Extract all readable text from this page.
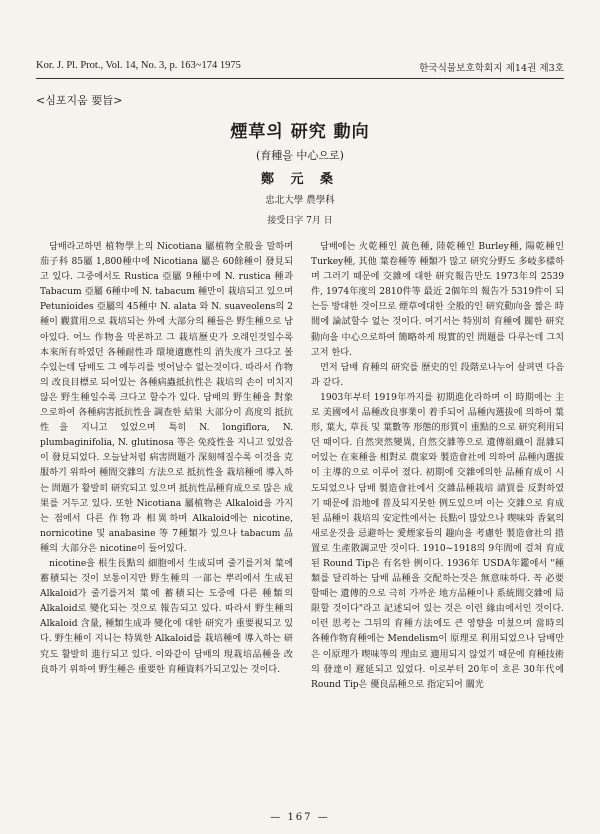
Kor. J. Pl. Prot., Vol. 14, No. 3, p. 163~174 1975	한국식물보호학회지 제14권 제3호
<심포지움 要旨>
煙草의 研究 動向
(育種을 中心으로)
鄭 元 桑
忠北大學 農學科
接受日字 7月 日

담배라고하면 植物學上의 Nicotiana 屬植物全般을 말하며 茄子科 85屬 1,800種中에 Nicotiana 屬은 60餘種이 發見되고 있다. 그중에서도 Rustica 亞屬 9種中에 N. rustica 種과 Tabacum 亞屬 6種中에 N. tabacum 種만이 栽培되고 있으며 Petunioides 亞屬의 45種中 N. alata 와 N. suaveolens의 2種이 觀賞用으로 栽培되는 外에 大部分의 種들은 野生種으로 남아있다. 어느 作物을 막론하고 그 栽培歷史가 오래인것일수록 本來所有하였던 各種耐性과 環境適應性의 消失度가 크다고 볼수있는데 담배도 그 예두리를 벗어날수 없는것이다. 따라서 作物의 改良目標로 되어있는 各種病蟲抵抗性은 栽培의 손이 미치지않은 野生種일수록 크다고 할수가 있다. 담배의 野生種을 對象으로하여 各種病害抵抗性을 調查한 結果 大部分이 高度의 抵抗性을 지니고 있었으며 특히 N. longiflora, N. plumbaginifolia, N. glutinosa 等은 免疫性을 지니고 있었음이 發見되었다. 오늘날처럼 病害問題가 深刻해질수록 이것을 克服하기 위하여 種間交雜의 方法으로 抵抗性을 栽培種에 導入하는 問題가 활발히 研究되고 있으며 抵抗性品種育成으로 많은 成果를 거두고 있다. 또한 Nicotiana 屬植物은 Alkaloid을 가지는 점에서 다른 作物과 相異하며 Alkaloid에는 nicotine, nornicotine 및 anabasine 等 7種類가 있으나 tabacum 品種의 大部分은 nicotine이 들어있다.

nicotine을 根生長點의 細胞에서 生成되며 줄기를거쳐 葉에 蓄積되는 것이 보통이지만 野生種의 一部는 뿌리에서 生成된 Alkaloid가 줄기를거쳐 葉에 蓄積되는 도중에 다른 種類의 Alkaloid로 變化되는 것으로 報告되고 있다. 따라서 野生種의 Alkaloid 含量, 種類生成과 變化에 대한 研究가 重要視되고 있다. 野生種이 지니는 特異한 Alkaloid를 栽培種에 導入하는 研究도 활발히 進行되고 있다. 이와같이 담배의 現栽培品種을 改良하기 위하여 野生種은 重要한 育種資料가되고있는 것이다.

담배에는 火乾種인 黃色種, 陸乾種인 Burley種, 陽乾種인 Turkey種, 其他 葉卷種等 種類가 많고 研究分野도 多岐多樣하며 그러기 때문에 交雜에 대한 研究報告만도 1973年의 2539件, 1974年度의 2810件等 最近 2個年의 報告가 5319件이 되는등 방대한 것이므로 煙草에대한 全般的인 研究動向을 짧은 時間에 論試할수 없는 것이다. 여기서는 特別히 育種에 關한 研究動向을 中心으로하여 簡略하게 現實的인 問題를 다루는데 그치고저 한다.

먼저 담배 育種의 研究를 歷史的인 段階로나누어 살펴면 다음과 같다.

1903年부터 1919年까지를 初期進化라하며 이 時期에는 主로 美國에서 品種改良事業이 着手되어 品種內選拔에 의하여 葉形, 葉大, 草長 및 葉數等 形態的形質이 重點的으로 研究利用되던 때이다. 自然突然變異, 自然交雜等으로 遺傳組織이 混雜되어있는 在來種을 相對로 農家와 製造會社에 의하여 品種內選拔이 主導的으로 이루어 졌다. 初期에 交雜에의한 品種育成이 시도되었으나 담배 製造會社에서 交雜品種栽培 請買를 反對하였기 때문에 沿地에 普及되지못한 例도있으며 이는 交雜으로 育成된 品種이 栽培의 安定性에서는 長點이 많았으나 喫味와 香氣의 새로운것을 忌避하는 愛煙家들의 趣向을 考慮한 製造會社의 措置로 生產散調교만 것이다. 1910~1918의 9年間에 걸쳐 育成된 Round Tip은 有名한 例이다. 1936年 USDA年鑑에서 "種類를 달리하는 담배 品種을 交配하는것은 無意味하다. 꼭 必要할때는 遺傳的으로 극히 가까운 地方品種이나 系統間交雜에 局限할 것이다"라고 記述되어 있는 것은 이런 緣由에서인 것이다. 이런 思考는 그뒤의 育種方法에도 큰 영향을 미쳤으며 當時의 各種作物育種에는 Mendelism이 原理로 利用되었으나 담배만은 이原理가 喫味等의 理由로 適用되지 않었기 때문에 育種技術의 發達이 遲延되고 있었다. 이로부터 20年이 흐른 30年代에 Round Tip은 優良品種으로 指定되어 關光

— 167 —
